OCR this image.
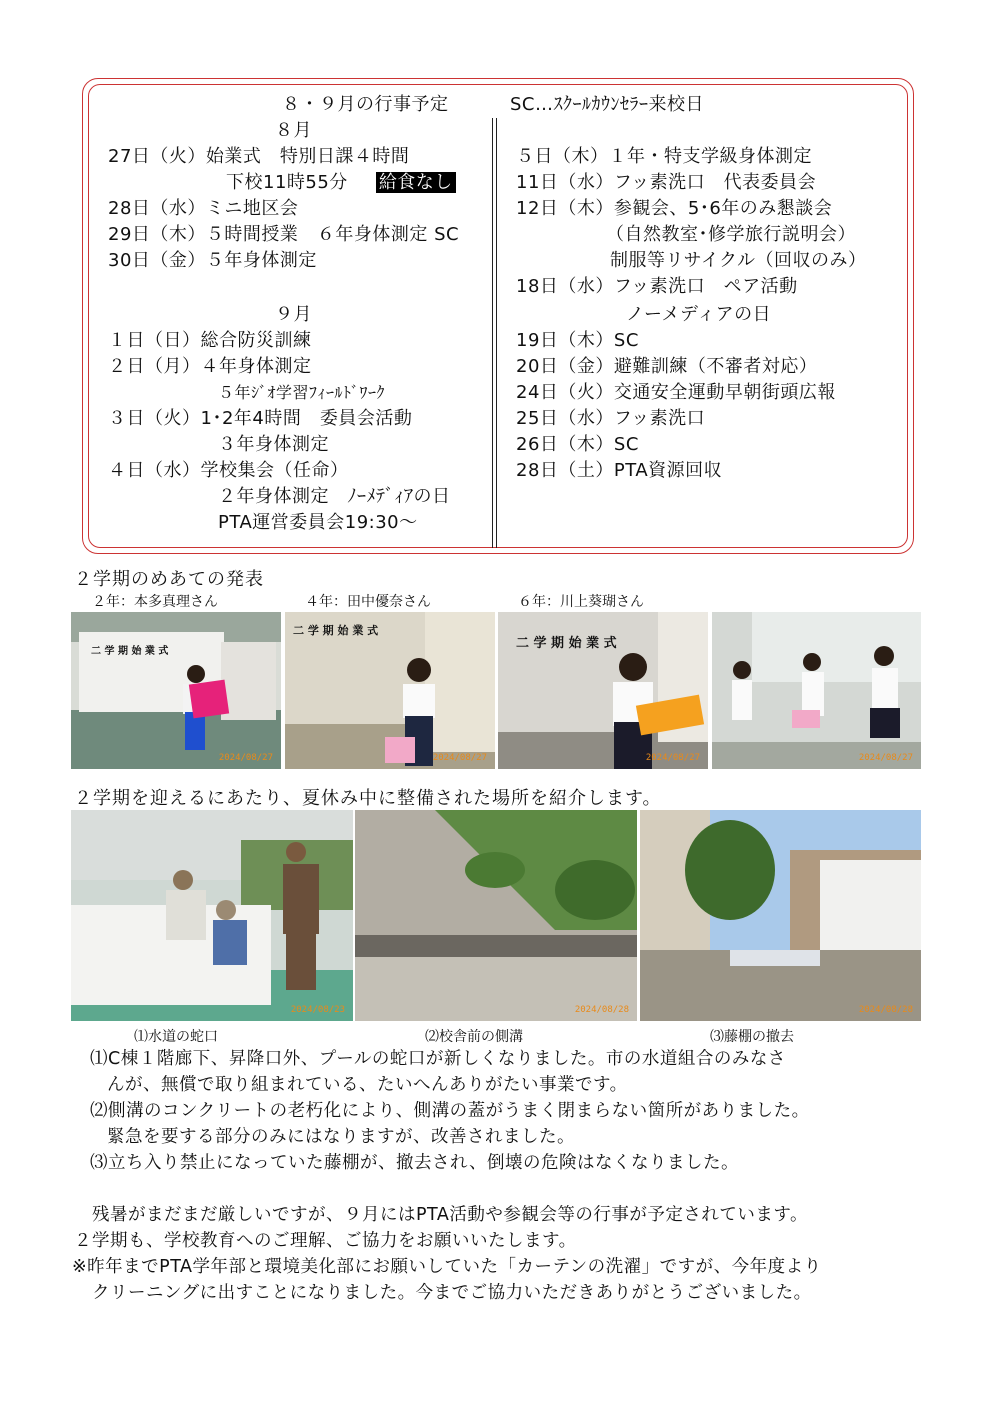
８・９月の行事予定	SC…ｽｸｰﾙｶｳﾝｾﾗｰ来校日
８月
27日（火）始業式　特別日課４時間
下校11時55分 給食なし
28日（水）ミニ地区会
29日（木）５時間授業　６年身体測定 SC
30日（金）５年身体測定
９月
１日（日）総合防災訓練
２日（月）４年身体測定
５年ｼﾞｵ学習ﾌｨｰﾙﾄﾞﾜｰｸ
３日（火）1･2年4時間　委員会活動
３年身体測定
４日（水）学校集会（任命）
２年身体測定　ﾉｰﾒﾃﾞｨｱの日
PTA運営委員会19:30～
５日（木）１年・特支学級身体測定
11日（水）フッ素洗口　代表委員会
12日（木）参観会、5･6年のみ懇談会
（自然教室･修学旅行説明会）
制服等リサイクル（回収のみ）
18日（水）フッ素洗口　ペア活動
ノーメディアの日
19日（木）SC
20日（金）避難訓練（不審者対応）
24日（火）交通安全運動早朝街頭広報
25日（水）フッ素洗口
26日（木）SC
28日（土）PTA資源回収
２学期のめあての発表
２年：本多真理さん	４年：田中優奈さん	６年：川上葵瑚さん
二 学 期 始 業 式
2024/08/27
二 学 期 始 業 式
2024/08/27
二 学 期 始 業 式
2024/08/27	2024/08/27
２学期を迎えるにあたり、夏休み中に整備された場所を紹介します。
2024/08/23	2024/08/28	2024/08/28
⑴水道の蛇口	⑵校舎前の側溝	⑶藤棚の撤去
⑴C棟１階廊下、昇降口外、プールの蛇口が新しくなりました。市の水道組合のみなさ
んが、無償で取り組まれている、たいへんありがたい事業です。
⑵側溝のコンクリートの老朽化により、側溝の蓋がうまく閉まらない箇所がありました。
緊急を要する部分のみにはなりますが、改善されました。
⑶立ち入り禁止になっていた藤棚が、撤去され、倒壊の危険はなくなりました。
残暑がまだまだ厳しいですが、９月にはPTA活動や参観会等の行事が予定されています。
２学期も、学校教育へのご理解、ご協力をお願いいたします。
※昨年までPTA学年部と環境美化部にお願いしていた「カーテンの洗濯」ですが、今年度より
クリーニングに出すことになりました。今までご協力いただきありがとうございました。
